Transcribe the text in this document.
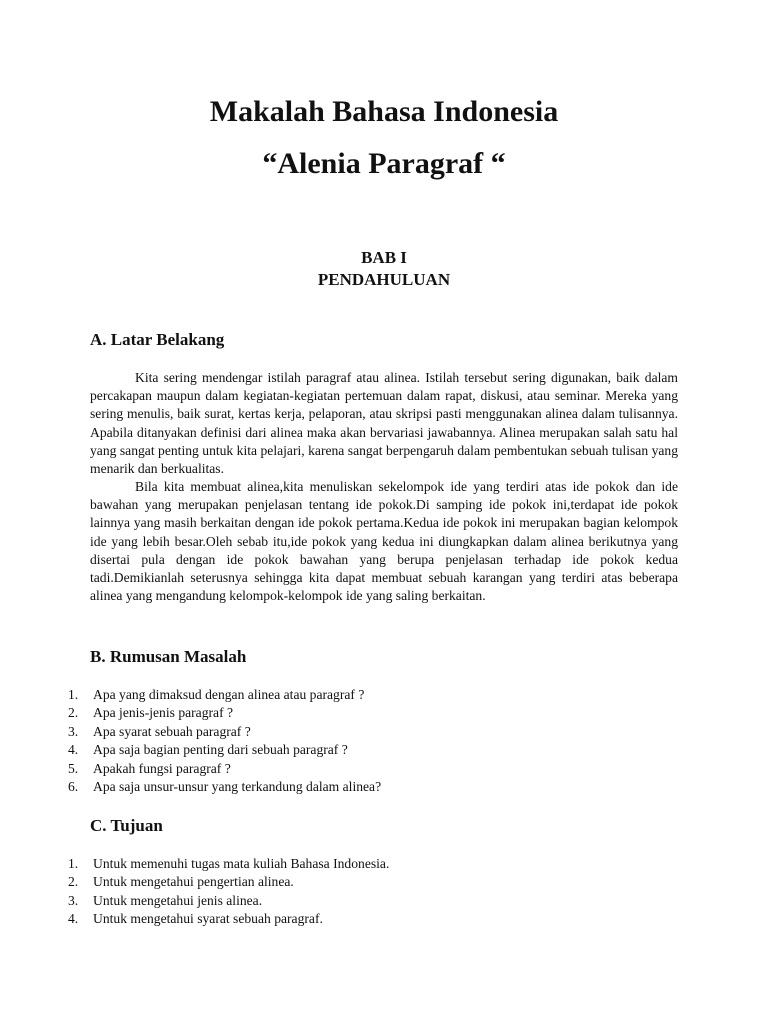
Makalah Bahasa Indonesia
“Alenia Paragraf “
BAB I
PENDAHULUAN
A. Latar Belakang

Kita sering mendengar istilah paragraf atau alinea. Istilah tersebut sering digunakan, baik dalam percakapan maupun dalam kegiatan-kegiatan pertemuan dalam rapat, diskusi, atau seminar. Mereka yang sering menulis, baik surat, kertas kerja, pelaporan, atau skripsi pasti menggunakan alinea dalam tulisannya. Apabila ditanyakan definisi dari alinea maka akan bervariasi jawabannya. Alinea merupakan salah satu hal yang sangat penting untuk kita pelajari, karena sangat berpengaruh dalam pembentukan sebuah tulisan yang menarik dan berkualitas.

Bila kita membuat alinea,kita menuliskan sekelompok ide yang terdiri atas ide pokok dan ide bawahan yang merupakan penjelasan tentang ide pokok.Di samping ide pokok ini,terdapat ide pokok lainnya yang masih berkaitan dengan ide pokok pertama.Kedua ide pokok ini merupakan bagian kelompok ide yang lebih besar.Oleh sebab itu,ide pokok yang kedua ini diungkapkan dalam alinea berikutnya yang disertai pula dengan ide pokok bawahan yang berupa penjelasan terhadap ide pokok kedua tadi.Demikianlah seterusnya sehingga kita dapat membuat sebuah karangan yang terdiri atas beberapa alinea yang mengandung kelompok-kelompok ide yang saling berkaitan.

B. Rumusan Masalah
1. Apa yang dimaksud dengan alinea atau paragraf ?
2. Apa jenis-jenis paragraf ?
3. Apa syarat sebuah paragraf ?
4. Apa saja bagian penting dari sebuah paragraf ?
5. Apakah fungsi paragraf ?
6. Apa saja unsur-unsur yang terkandung dalam alinea?
C. Tujuan
1. Untuk memenuhi tugas mata kuliah Bahasa Indonesia.
2. Untuk mengetahui pengertian alinea.
3. Untuk mengetahui jenis alinea.
4. Untuk mengetahui syarat sebuah paragraf.
